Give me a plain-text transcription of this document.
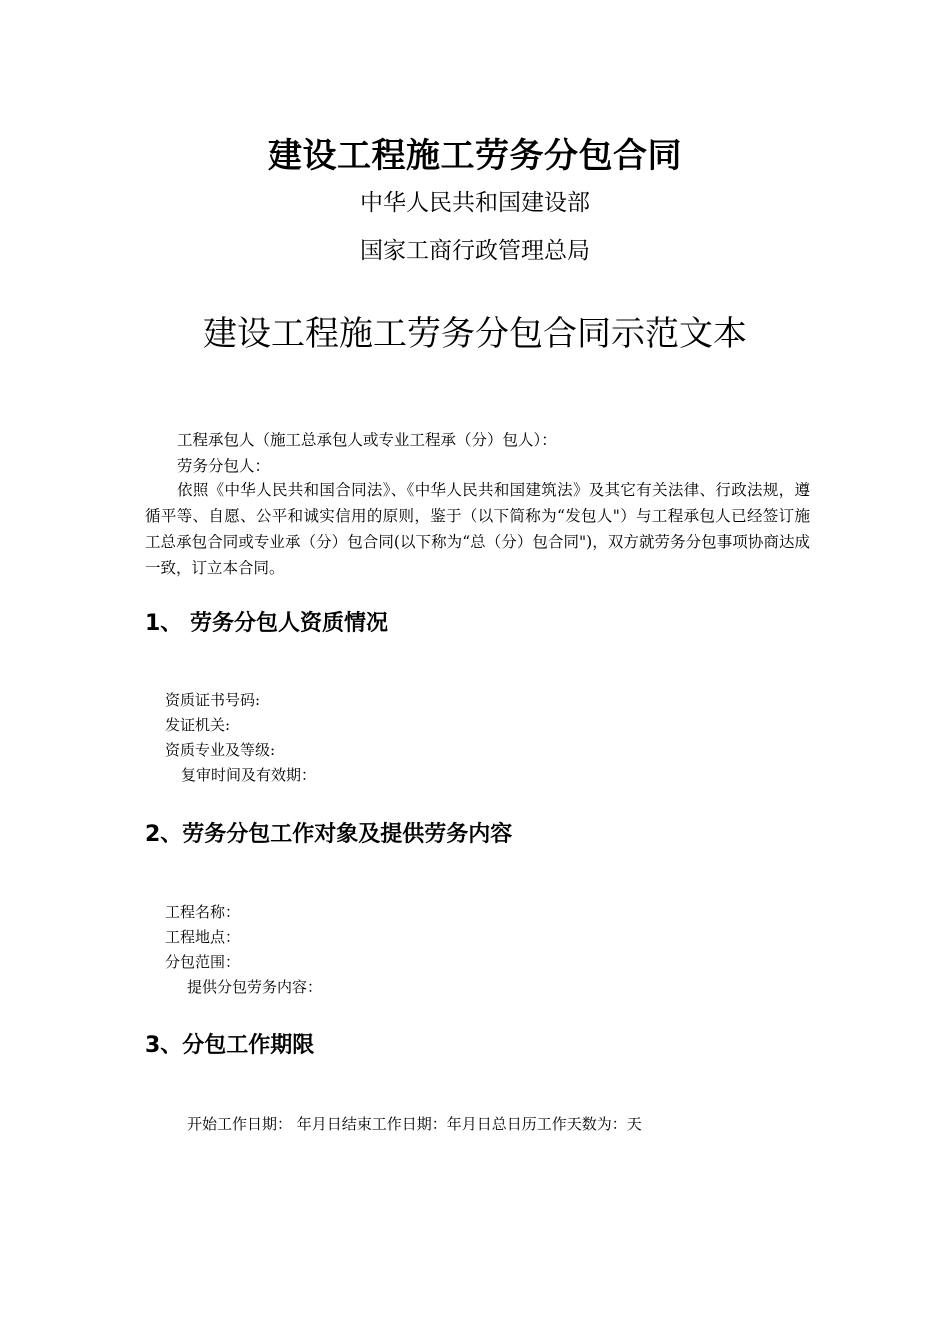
建设工程施工劳务分包合同
中华人民共和国建设部
国家工商行政管理总局
建设工程施工劳务分包合同示范文本
工程承包人（施工总承包人或专业工程承（分）包人）：
劳务分包人：
依照《中华人民共和国合同法》、《中华人民共和国建筑法》及其它有关法律、行政法规，遵循平等、自愿、公平和诚实信用的原则，鉴于（以下简称为“发包人"）与工程承包人已经签订施工总承包合同或专业承（分）包合同(以下称为“总（分）包合同")，双方就劳务分包事项协商达成一致，订立本合同。
1、 劳务分包人资质情况
资质证书号码:
发证机关:
资质专业及等级:
复审时间及有效期：
2、劳务分包工作对象及提供劳务内容
工程名称：
工程地点：
分包范围：
提供分包劳务内容：
3、分包工作期限
开始工作日期： 年月日结束工作日期：年月日总日历工作天数为：天
